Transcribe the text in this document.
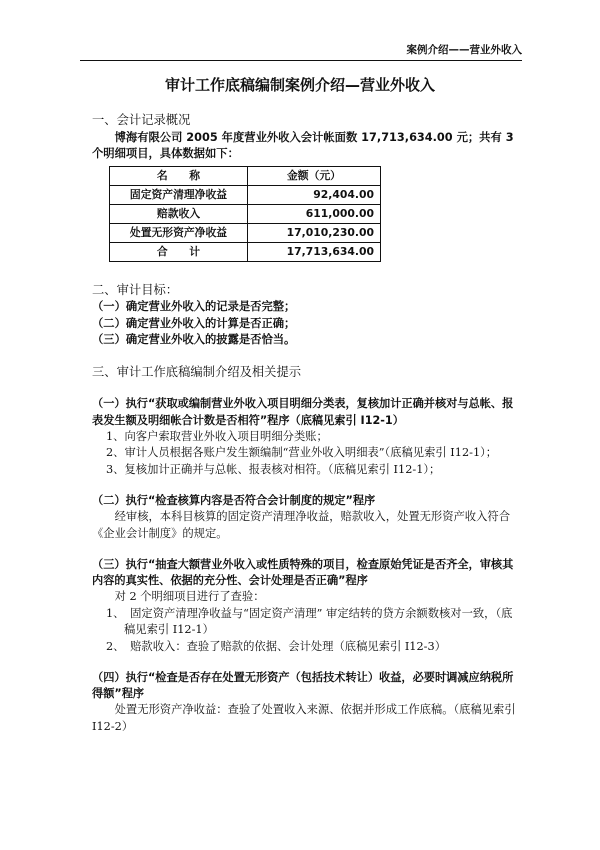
案例介绍——营业外收入
审计工作底稿编制案例介绍—营业外收入

一、会计记录概况

博海有限公司 2005 年度营业外收入会计帐面数 17,713,634.00 元；共有 3 个明细项目，具体数据如下：

名　　称	金额（元）
固定资产清理净收益	92,404.00
赔款收入	611,000.00
处置无形资产净收益	17,010,230.00
合　　计	17,713,634.00

二、审计目标：

（一）确定营业外收入的记录是否完整；

（二）确定营业外收入的计算是否正确；

（三）确定营业外收入的披露是否恰当。

三、审计工作底稿编制介绍及相关提示

（一）执行“获取或编制营业外收入项目明细分类表，复核加计正确并核对与总帐、报表发生额及明细帐合计数是否相符”程序（底稿见索引 I12-1）

1、向客户索取营业外收入项目明细分类账；

2、审计人员根据各账户发生额编制“营业外收入明细表”（底稿见索引 I12-1）；

3、复核加计正确并与总帐、报表核对相符。（底稿见索引 I12-1）；

（二）执行“检查核算内容是否符合会计制度的规定”程序

经审核，本科目核算的固定资产清理净收益，赔款收入，处置无形资产收入符合《企业会计制度》的规定。

（三）执行“抽查大额营业外收入或性质特殊的项目，检查原始凭证是否齐全，审核其内容的真实性、依据的充分性、会计处理是否正确”程序

对 2 个明细项目进行了查验：

1、　固定资产清理净收益与“固定资产清理” 审定结转的贷方余额数核对一致，（底稿见索引 I12-1）

2、　赔款收入：查验了赔款的依据、会计处理（底稿见索引 I12-3）

（四）执行“检查是否存在处置无形资产（包括技术转让）收益，必要时调减应纳税所得额”程序

处置无形资产净收益：查验了处置收入来源、依据并形成工作底稿。（底稿见索引 I12-2）
